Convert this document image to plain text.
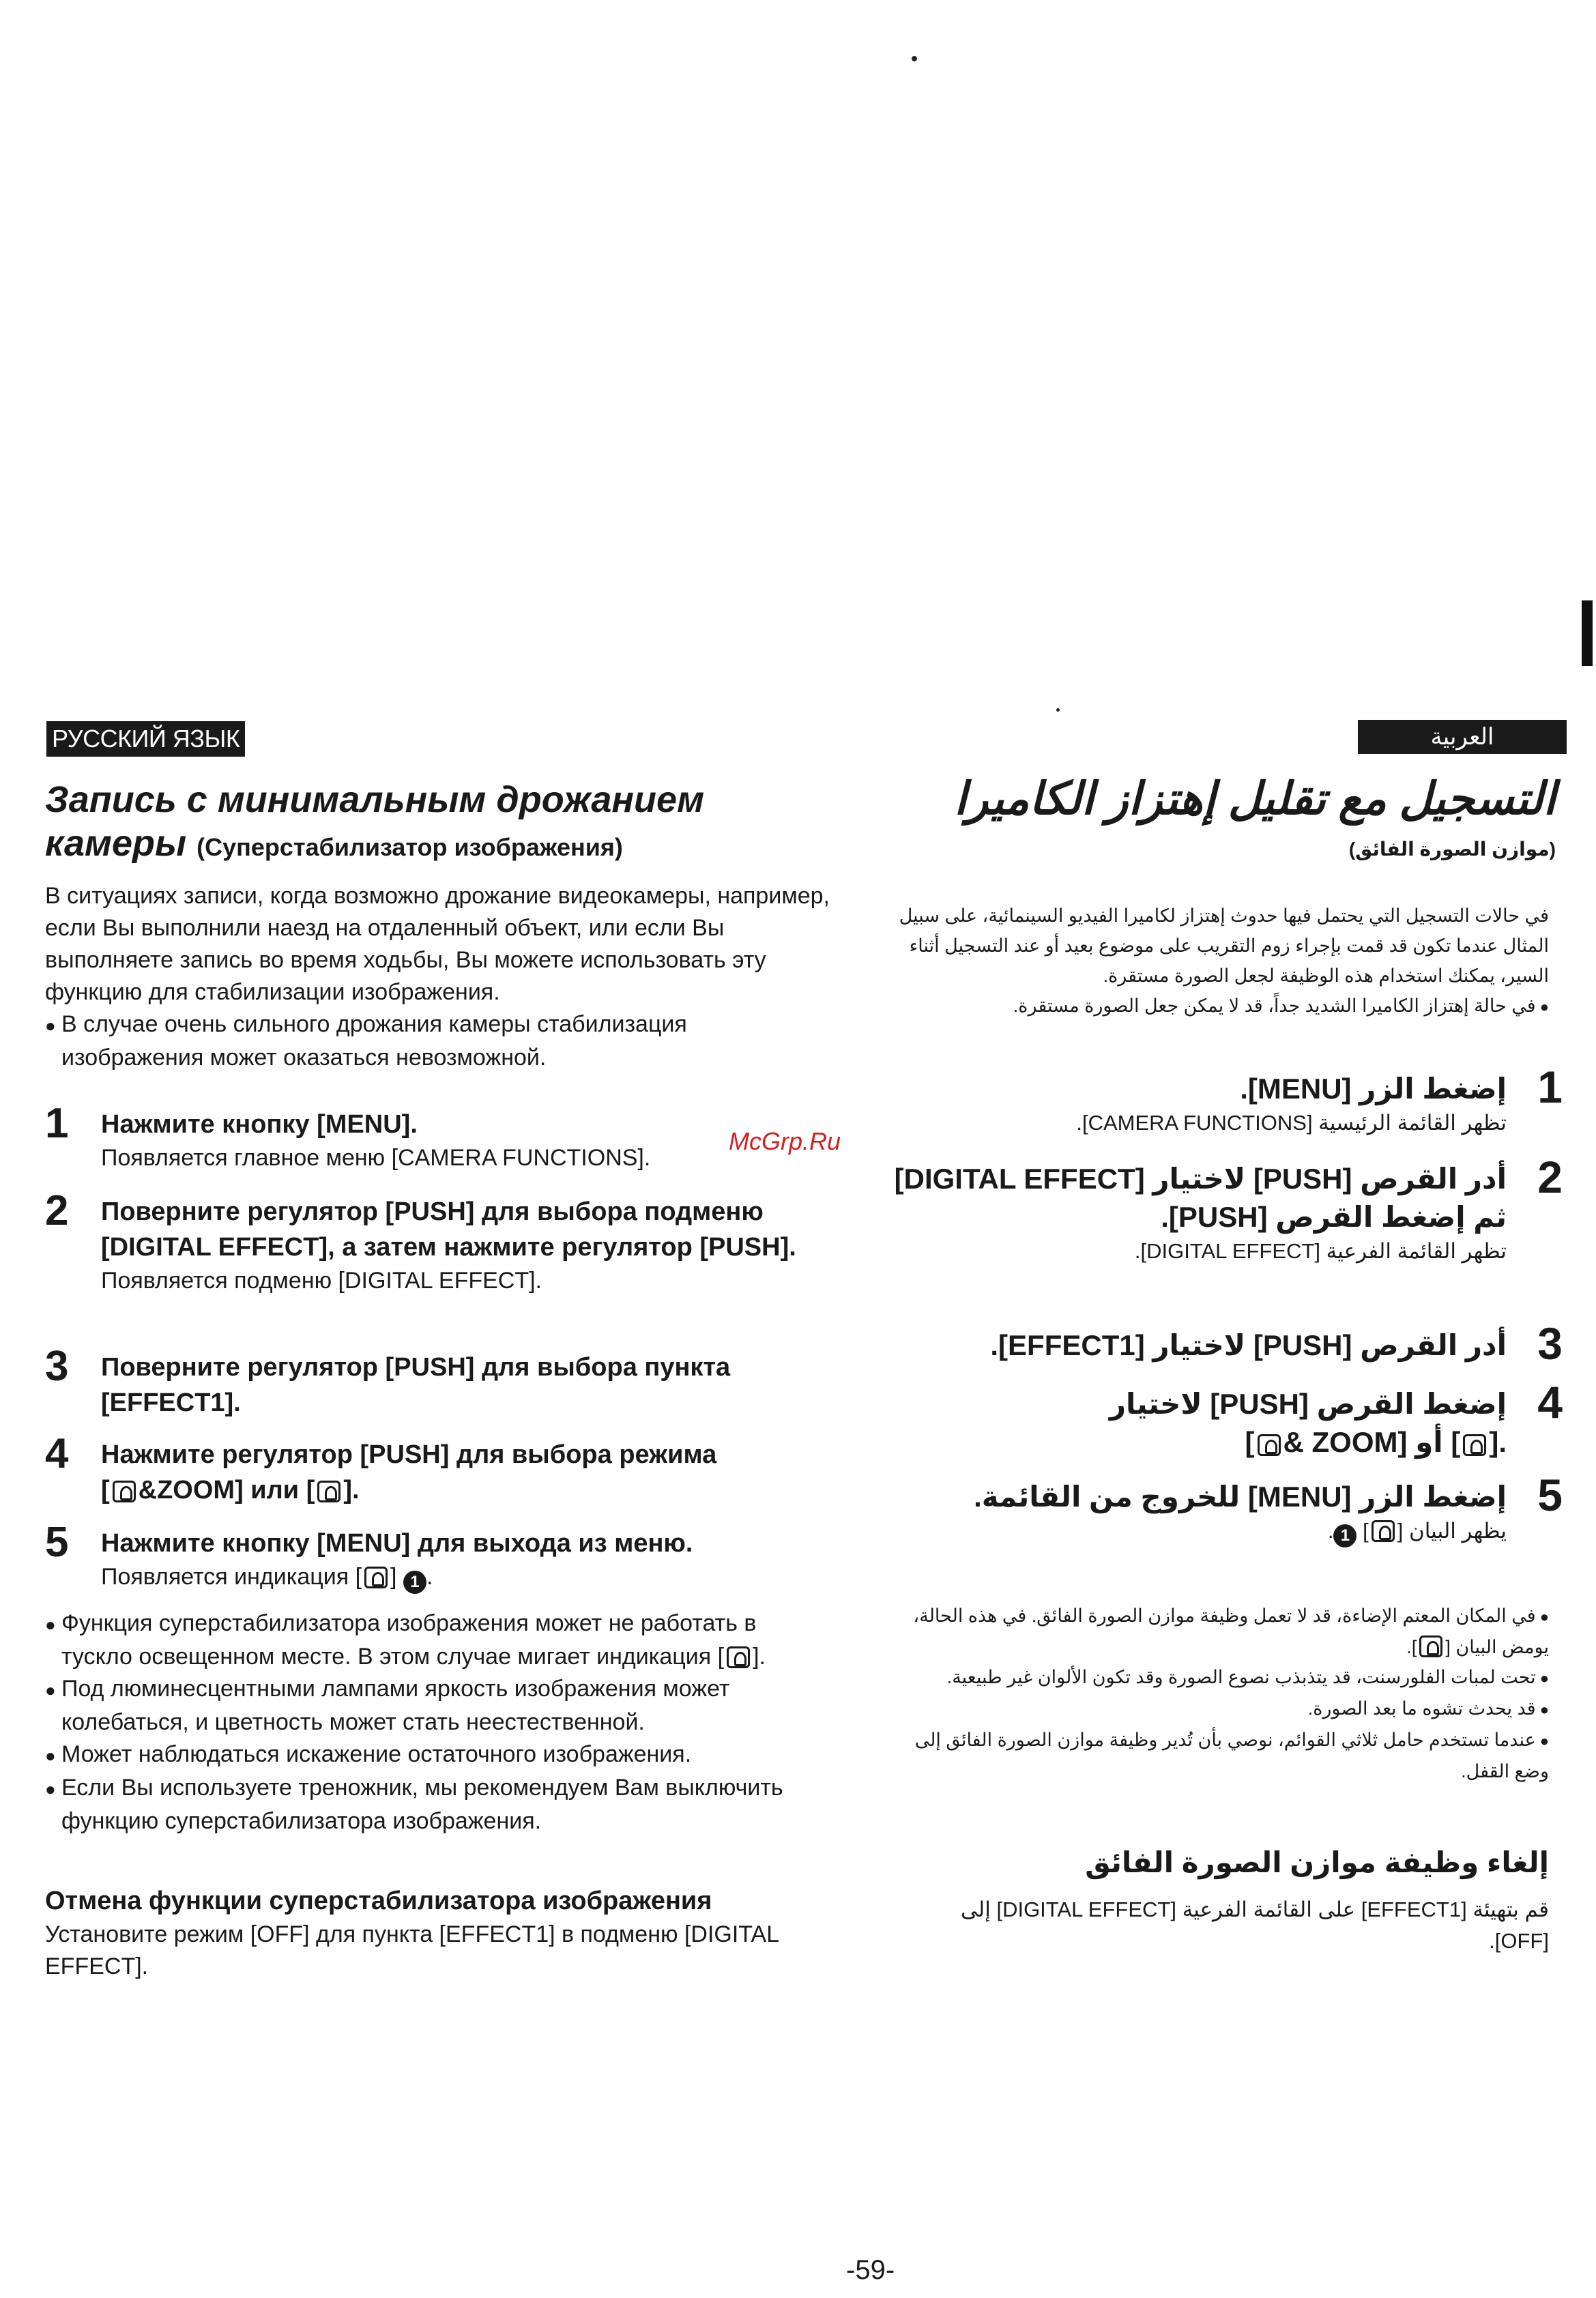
РУССКИЙ ЯЗЫК
Запись с минимальным дрожанием камеры (Суперстабилизатор изображения)
В ситуациях записи, когда возможно дрожание видеокамеры, например, если Вы выполнили наезд на отдаленный объект, или если Вы выполняете запись во время ходьбы, Вы можете использовать эту функцию для стабилизации изображения.
● В случае очень сильного дрожания камеры стабилизация изображения может оказаться невозможной.
1 Нажмите кнопку [MENU].
Появляется главное меню [CAMERA FUNCTIONS].
2 Поверните регулятор [PUSH] для выбора подменю [DIGITAL EFFECT], а затем нажмите регулятор [PUSH].
Появляется подменю [DIGITAL EFFECT].
3 Поверните регулятор [PUSH] для выбора пункта [EFFECT1].
4 Нажмите регулятор [PUSH] для выбора режима
[ &ZOOM] или [ ].
5 Нажмите кнопку [MENU] для выхода из меню.
Появляется индикация [ ] 1 .
● Функция суперстабилизатора изображения может не работать в тускло освещенном месте. В этом случае мигает индикация [ ].
● Под люминесцентными лампами яркость изображения может колебаться, и цветность может стать неестественной.
● Может наблюдаться искажение остаточного изображения.
● Если Вы используете треножник, мы рекомендуем Вам выключить функцию суперстабилизатора изображения.
Отмена функции суперстабилизатора изображения
Установите режим [OFF] для пункта [EFFECT1] в подменю [DIGITAL EFFECT].
McGrp.Ru
العربية
التسجيل مع تقليل إهتزاز الكاميرا
(موازن الصورة الفائق)
في حالات التسجيل التي يحتمل فيها حدوث إهتزاز لكاميرا الفيديو السينمائية، على سبيل المثال عندما تكون قد قمت بإجراء زوم التقريب على موضوع بعيد أو عند التسجيل أثناء السير، يمكنك استخدام هذه الوظيفة لجعل الصورة مستقرة.
● في حالة إهتزاز الكاميرا الشديد جداً، قد لا يمكن جعل الصورة مستقرة.
1
إضغط الزر [MENU].
تظهر القائمة الرئيسية [CAMERA FUNCTIONS].
2
أدر القرص [PUSH] لاختيار [DIGITAL EFFECT] ثم إضغط القرص [PUSH].
تظهر القائمة الفرعية [DIGITAL EFFECT].
3
أدر القرص [PUSH] لاختيار [EFFECT1].
4
إضغط القرص [PUSH] لاختيار
[ & ZOOM] أو [ ].
5
إضغط الزر [MENU] للخروج من القائمة.
يظهر البيان [] 1.
● في المكان المعتم الإضاءة، قد لا تعمل وظيفة موازن الصورة الفائق. في هذه الحالة، يومض البيان [].
● تحت لمبات الفلورسنت، قد يتذبذب نصوع الصورة وقد تكون الألوان غير طبيعية.
● قد يحدث تشوه ما بعد الصورة.
● عندما تستخدم حامل ثلاثي القوائم، نوصي بأن تُدير وظيفة موازن الصورة الفائق إلى وضع القفل.
إلغاء وظيفة موازن الصورة الفائق
قم بتهيئة [EFFECT1] على القائمة الفرعية [DIGITAL EFFECT] إلى [OFF].
-59-
